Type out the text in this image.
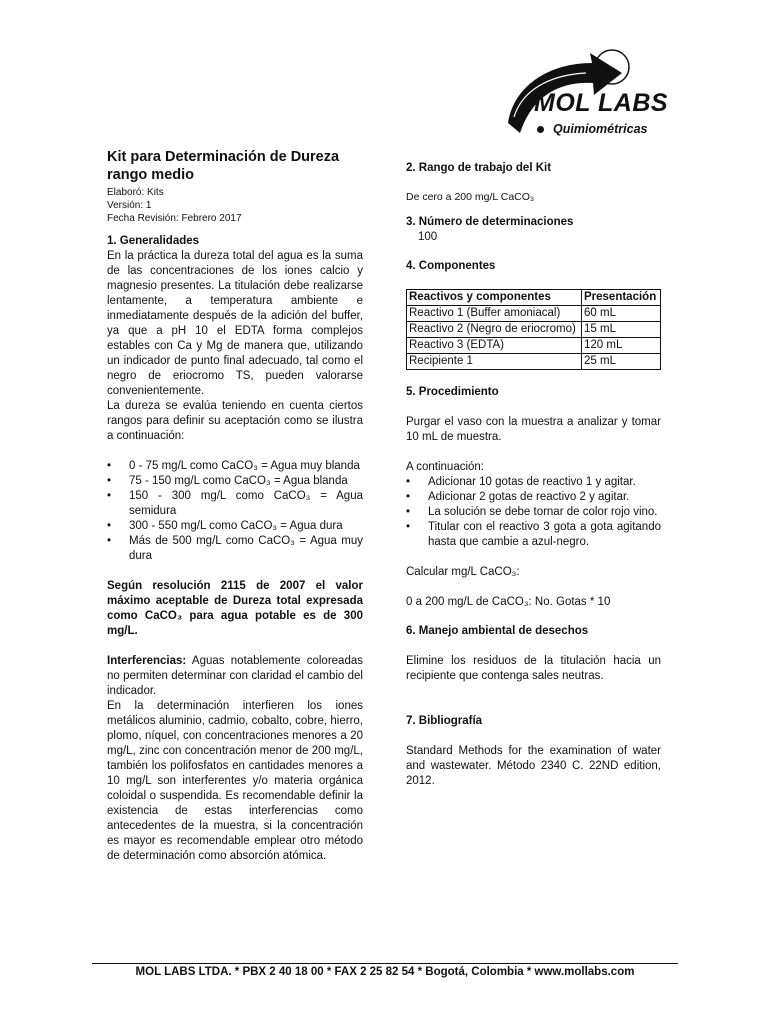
MOL LABS
Quimiométricas
Kit para Determinación de Dureza rango medio
Elaboró: Kits
Versión: 1
Fecha Revisión: Febrero 2017
1. Generalidades

En la práctica la dureza total del agua es la suma de las concentraciones de los iones calcio y magnesio presentes. La titulación debe realizarse lentamente, a temperatura ambiente e inmediatamente después de la adición del buffer, ya que a pH 10 el EDTA forma complejos estables con Ca y Mg de manera que, utilizando un indicador de punto final adecuado, tal como el negro de eriocromo TS, pueden valorarse convenientemente.

La dureza se evalúa teniendo en cuenta ciertos rangos para definir su aceptación como se ilustra a continuación:

• 0 - 75 mg/L como CaCO₃ = Agua muy blanda
• 75 - 150 mg/L como CaCO₃ = Agua blanda
• 150 - 300 mg/L como CaCO₃ = Agua semidura
• 300 - 550 mg/L como CaCO₃ = Agua dura
• Más de 500 mg/L como CaCO₃ = Agua muy dura

Según resolución 2115 de 2007 el valor máximo aceptable de Dureza total expresada como CaCO₃ para agua potable es de 300 mg/L.

Interferencias: Aguas notablemente coloreadas no permiten determinar con claridad el cambio del indicador.

En la determinación interfieren los iones metálicos aluminio, cadmio, cobalto, cobre, hierro, plomo, níquel, con concentraciones menores a 20 mg/L, zinc con concentración menor de 200 mg/L, también los polifosfatos en cantidades menores a 10 mg/L son interferentes y/o materia orgánica coloidal o suspendida. Es recomendable definir la existencia de estas interferencias como antecedentes de la muestra, si la concentración es mayor es recomendable emplear otro método de determinación como absorción atómica.

2. Rango de trabajo del Kit

De cero a 200 mg/L CaCO₃

3. Número de determinaciones

100

4. Componentes
Reactivos y componentes	Presentación
Reactivo 1 (Buffer amoniacal)	60 mL
Reactivo 2 (Negro de eriocromo)	15 mL
Reactivo 3 (EDTA)	120 mL
Recipiente 1	25 mL
5. Procedimiento

Purgar el vaso con la muestra a analizar y tomar 10 mL de muestra.

A continuación:

• Adicionar 10 gotas de reactivo 1 y agitar.
• Adicionar 2 gotas de reactivo 2 y agitar.
• La solución se debe tornar de color rojo vino.
• Titular con el reactivo 3 gota a gota agitando hasta que cambie a azul-negro.

Calcular mg/L CaCO₃:

0 a 200 mg/L de CaCO₃: No. Gotas * 10

6. Manejo ambiental de desechos

Elimine los residuos de la titulación hacia un recipiente que contenga sales neutras.

7. Bibliografía

Standard Methods for the examination of water and wastewater. Método 2340 C. 22ND edition, 2012.

MOL LABS LTDA. * PBX 2 40 18 00 * FAX 2 25 82 54 * Bogotá, Colombia * www.mollabs.com
